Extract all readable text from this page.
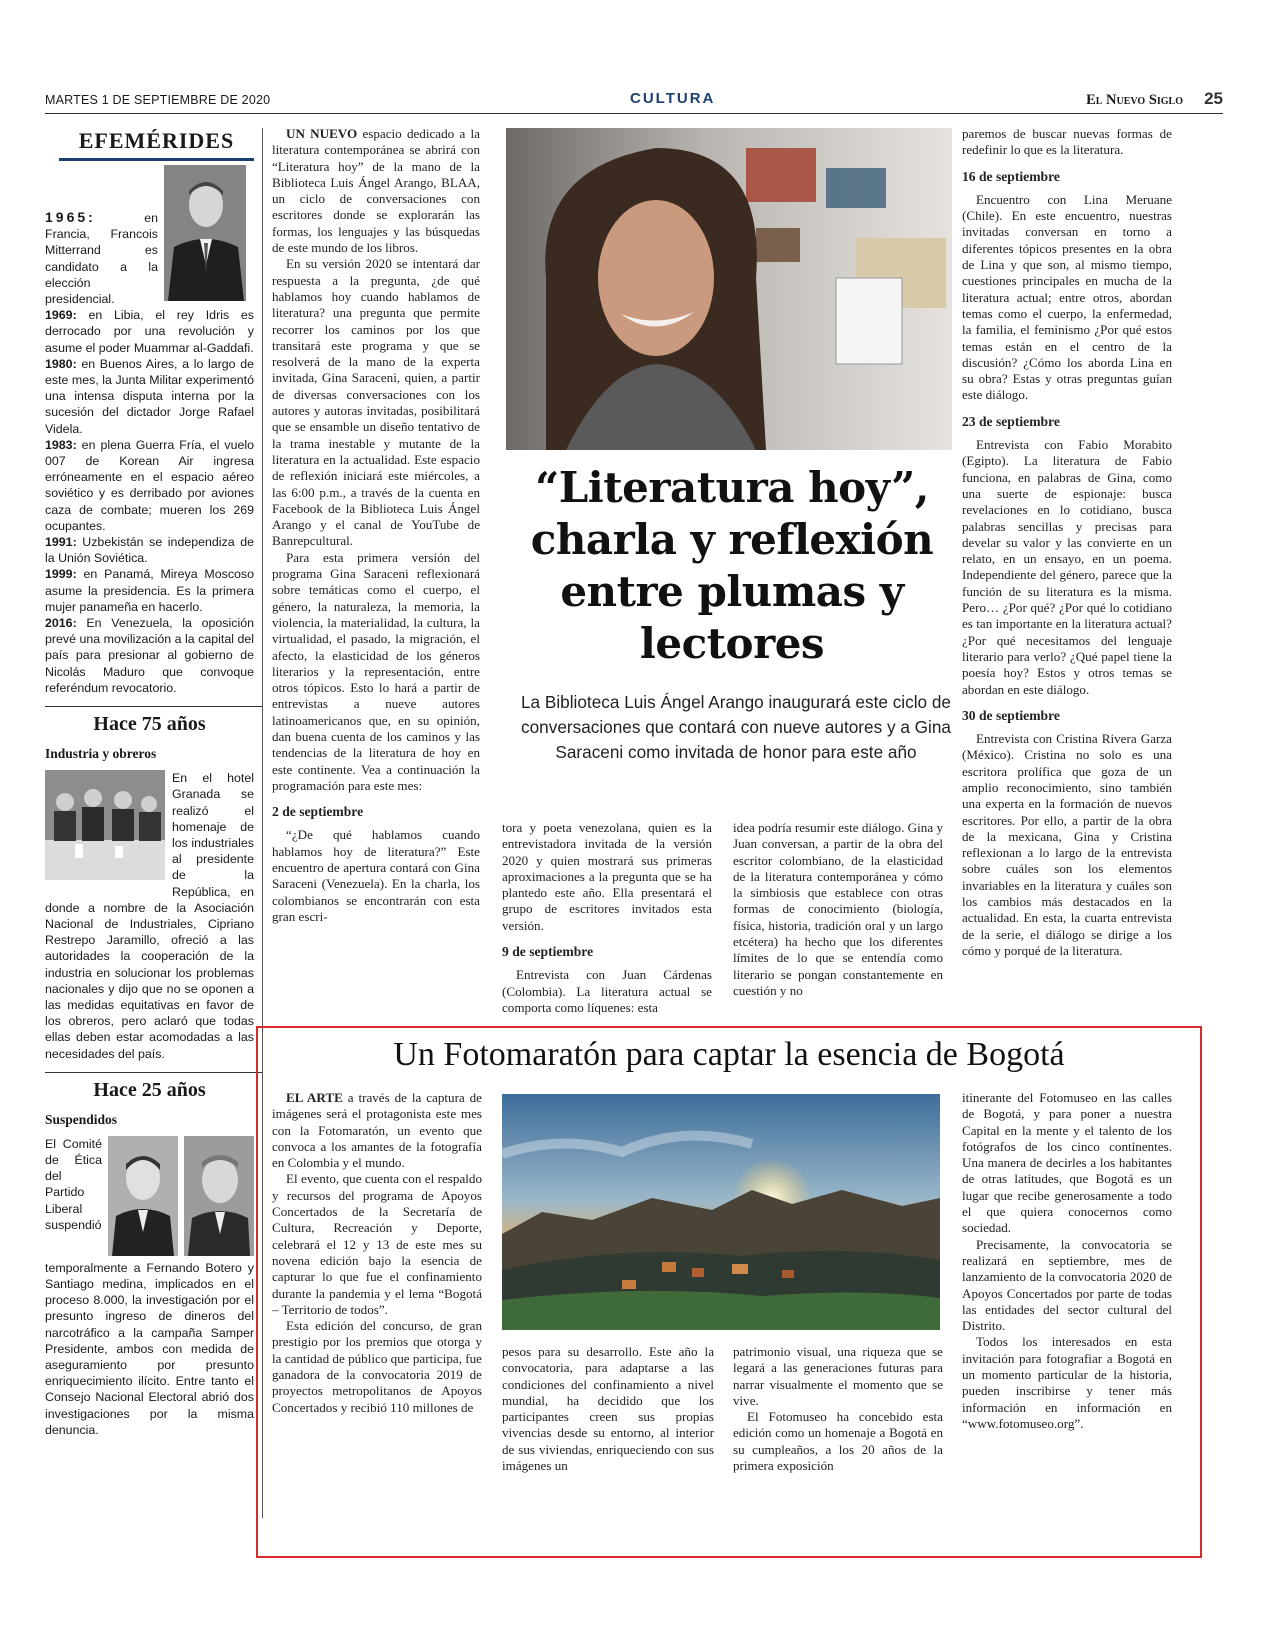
MARTES 1 DE SEPTIEMBRE DE 2020	CULTURA	El Nuevo Siglo 25
EFEMÉRIDES

1965: en Francia, Francois Mitterrand es candidato a la elección presidencial.

1969: en Libia, el rey Idris es derrocado por una revolución y asume el poder Muammar al-Gaddafi.

1980: en Buenos Aires, a lo largo de este mes, la Junta Militar experimentó una intensa disputa interna por la sucesión del dictador Jorge Rafael Videla.

1983: en plena Guerra Fría, el vuelo 007 de Korean Air ingresa erróneamente en el espacio aéreo soviético y es derribado por aviones caza de combate; mueren los 269 ocupantes.

1991: Uzbekistán se independiza de la Unión Soviética.

1999: en Panamá, Mireya Moscoso asume la presidencia. Es la primera mujer panameña en hacerlo.

2016: En Venezuela, la oposición prevé una movilización a la capital del país para presionar al gobierno de Nicolás Maduro que convoque referéndum revocatorio.

Hace 75 años
Industria y obreros

En el hotel Granada se realizó el homenaje de los industriales al presidente de la República, en donde a nombre de la Asociación Nacional de Industriales, Cipriano Restrepo Jaramillo, ofreció a las autoridades la cooperación de la industria en solucionar los problemas nacionales y dijo que no se oponen a las medidas equitativas en favor de los obreros, pero aclaró que todas ellas deben estar acomodadas a las necesidades del país.

Hace 25 años
Suspendidos

El Comité de Ética del Partido Liberal suspendió temporalmente a Fernando Botero y Santiago medina, implicados en el proceso 8.000, la investigación por el presunto ingreso de dineros del narcotráfico a la campaña Samper Presidente, ambos con medida de aseguramiento por presunto enriquecimiento ilícito. Entre tanto el Consejo Nacional Electoral abrió dos investigaciones por la misma denuncia.

UN NUEVO espacio dedicado a la literatura contemporánea se abrirá con “Literatura hoy” de la mano de la Biblioteca Luis Ángel Arango, BLAA, un ciclo de conversaciones con escritores donde se explorarán las formas, los lenguajes y las búsquedas de este mundo de los libros.

En su versión 2020 se intentará dar respuesta a la pregunta, ¿de qué hablamos hoy cuando hablamos de literatura? una pregunta que permite recorrer los caminos por los que transitará este programa y que se resolverá de la mano de la experta invitada, Gina Saraceni, quien, a partir de diversas conversaciones con los autores y autoras invitadas, posibilitará que se ensamble un diseño tentativo de la trama inestable y mutante de la literatura en la actualidad. Este espacio de reflexión iniciará este miércoles, a las 6:00 p.m., a través de la cuenta en Facebook de la Biblioteca Luis Ángel Arango y el canal de YouTube de Banrepcultural.

Para esta primera versión del programa Gina Saraceni reflexionará sobre temáticas como el cuerpo, el género, la naturaleza, la memoria, la violencia, la materialidad, la cultura, la virtualidad, el pasado, la migración, el afecto, la elasticidad de los géneros literarios y la representación, entre otros tópicos. Esto lo hará a partir de entrevistas a nueve autores latinoamericanos que, en su opinión, dan buena cuenta de los caminos y las tendencias de la literatura de hoy en este continente. Vea a continuación la programación para este mes:

2 de septiembre

“¿De qué hablamos cuando hablamos hoy de literatura?” Este encuentro de apertura contará con Gina Saraceni (Venezuela). En la charla, los colombianos se encontrarán con esta gran escri-

“Literatura hoy”, charla y reflexión entre plumas y lectores
La Biblioteca Luis Ángel Arango inaugurará este ciclo de conversaciones que contará con nueve autores y a Gina Saraceni como invitada de honor para este año

tora y poeta venezolana, quien es la entrevistadora invitada de la versión 2020 y quien mostrará sus primeras aproximaciones a la pregunta que se ha plantedo este año. Ella presentará el grupo de escritores invitados esta versión.

9 de septiembre

Entrevista con Juan Cárdenas (Colombia). La literatura actual se comporta como líquenes: esta

idea podría resumir este diálogo. Gina y Juan conversan, a partir de la obra del escritor colombiano, de la elasticidad de la literatura contemporánea y cómo la simbiosis que establece con otras formas de conocimiento (biología, física, historia, tradición oral y un largo etcétera) ha hecho que los diferentes límites de lo que se entendía como literario se pongan constantemente en cuestión y no

paremos de buscar nuevas formas de redefinir lo que es la literatura.

16 de septiembre

Encuentro con Lina Meruane (Chile). En este encuentro, nuestras invitadas conversan en torno a diferentes tópicos presentes en la obra de Lina y que son, al mismo tiempo, cuestiones principales en mucha de la literatura actual; entre otros, abordan temas como el cuerpo, la enfermedad, la familia, el feminismo ¿Por qué estos temas están en el centro de la discusión? ¿Cómo los aborda Lina en su obra? Estas y otras preguntas guían este diálogo.

23 de septiembre

Entrevista con Fabio Morabito (Egipto). La literatura de Fabio funciona, en palabras de Gina, como una suerte de espionaje: busca revelaciones en lo cotidiano, busca palabras sencillas y precisas para develar su valor y las convierte en un relato, en un ensayo, en un poema. Independiente del género, parece que la función de su literatura es la misma. Pero… ¿Por qué? ¿Por qué lo cotidiano es tan importante en la literatura actual? ¿Por qué necesitamos del lenguaje literario para verlo? ¿Qué papel tiene la poesía hoy? Estos y otros temas se abordan en este diálogo.

30 de septiembre

Entrevista con Cristina Rivera Garza (México). Cristina no solo es una escritora prolífica que goza de un amplio reconocimiento, sino también una experta en la formación de nuevos escritores. Por ello, a partir de la obra de la mexicana, Gina y Cristina reflexionan a lo largo de la entrevista sobre cuáles son los elementos invariables en la literatura y cuáles son los cambios más destacados en la actualidad. En esta, la cuarta entrevista de la serie, el diálogo se dirige a los cómo y porqué de la literatura.

Un Fotomaratón para captar la esencia de Bogotá

EL ARTE a través de la captura de imágenes será el protagonista este mes con la Fotomaratón, un evento que convoca a los amantes de la fotografía en Colombia y el mundo.

El evento, que cuenta con el respaldo y recursos del programa de Apoyos Concertados de la Secretaría de Cultura, Recreación y Deporte, celebrará el 12 y 13 de este mes su novena edición bajo la esencia de capturar lo que fue el confinamiento durante la pandemia y el lema “Bogotá – Territorio de todos”.

Esta edición del concurso, de gran prestigio por los premios que otorga y la cantidad de público que participa, fue ganadora de la convocatoria 2019 de proyectos metropolitanos de Apoyos Concertados y recibió 110 millones de

pesos para su desarrollo. Este año la convocatoria, para adaptarse a las condiciones del confinamiento a nivel mundial, ha decidido que los participantes creen sus propias vivencias desde su entorno, al interior de sus viviendas, enriqueciendo con sus imágenes un

patrimonio visual, una riqueza que se legará a las generaciones futuras para narrar visualmente el momento que se vive.

El Fotomuseo ha concebido esta edición como un homenaje a Bogotá en su cumpleaños, a los 20 años de la primera exposición

itinerante del Fotomuseo en las calles de Bogotá, y para poner a nuestra Capital en la mente y el talento de los fotógrafos de los cinco continentes. Una manera de decirles a los habitantes de otras latitudes, que Bogotá es un lugar que recibe generosamente a todo el que quiera conocernos como sociedad.

Precisamente, la convocatoria se realizará en septiembre, mes de lanzamiento de la convocatoria 2020 de Apoyos Concertados por parte de todas las entidades del sector cultural del Distrito.

Todos los interesados en esta invitación para fotografiar a Bogotá en un momento particular de la historia, pueden inscribirse y tener más información en información en “www.fotomuseo.org”.
